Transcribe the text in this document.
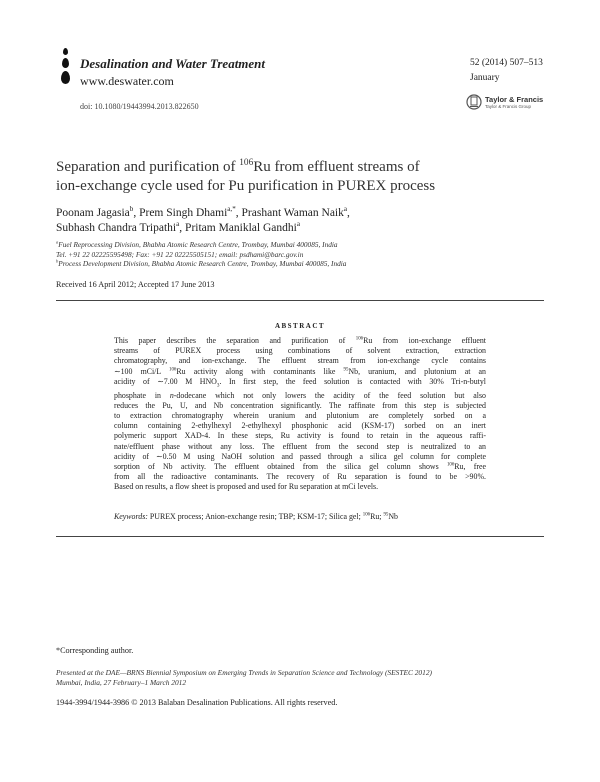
Desalination and Water Treatment
www.deswater.com
doi: 10.1080/19443994.2013.822650
52 (2014) 507–513
January
Taylor & Francis
Taylor & Francis Group
Separation and purification of $^{106}$Ru from effluent streams of
ion-exchange cycle used for Pu purification in PUREX process
Poonam Jagasia$^b$, Prem Singh Dhami$^{a,*}$, Prashant Waman Naik$^a$,
Subhash Chandra Tripathi$^a$, Pritam Maniklal Gandhi$^a$
$^a$Fuel Reprocessing Division, Bhabha Atomic Research Centre, Trombay, Mumbai 400085, India
Tel. +91 22 02225595498; Fax: +91 22 02225505151; email: psdhami@barc.gov.in
$^b$Process Development Division, Bhabha Atomic Research Centre, Trombay, Mumbai 400085, India
Received 16 April 2012; Accepted 17 June 2013
ABSTRACT
This paper describes the separation and purification of $^{106}$Ru from ion-exchange effluent
streams of PUREX process using combinations of solvent extraction, extraction
chromatography, and ion-exchange. The effluent stream from ion-exchange cycle contains
∼100 mCi/L $^{106}$Ru activity along with contaminants like $^{95}$Nb, uranium, and plutonium at an
acidity of ∼7.00 M $HNO_3$. In first step, the feed solution is contacted with 30% Tri-n-butyl
phosphate in n-dodecane which not only lowers the acidity of the feed solution but also
reduces the Pu, U, and Nb concentration significantly. The raffinate from this step is subjected
to extraction chromatography wherein uranium and plutonium are completely sorbed on a
column containing 2-ethylhexyl 2-ethylhexyl phosphonic acid (KSM-17) sorbed on an inert
polymeric support XAD-4. In these steps, Ru activity is found to retain in the aqueous raffi-
nate/effluent phase without any loss. The effluent from the second step is neutralized to an
acidity of ∼0.50 M using NaOH solution and passed through a silica gel column for complete
sorption of Nb activity. The effluent obtained from the silica gel column shows $^{106}$Ru, free
from all the radioactive contaminants. The recovery of Ru separation is found to be >90%.
Based on results, a flow sheet is proposed and used for Ru separation at mCi levels.
Keywords: PUREX process; Anion-exchange resin; TBP; KSM-17; Silica gel; $^{106}$Ru; $^{95}$Nb
*Corresponding author.
Presented at the DAE—BRNS Biennial Symposium on Emerging Trends in Separation Science and Technology (SESTEC 2012)
Mumbai, India, 27 February–1 March 2012
1944-3994/1944-3986 © 2013 Balaban Desalination Publications. All rights reserved.
